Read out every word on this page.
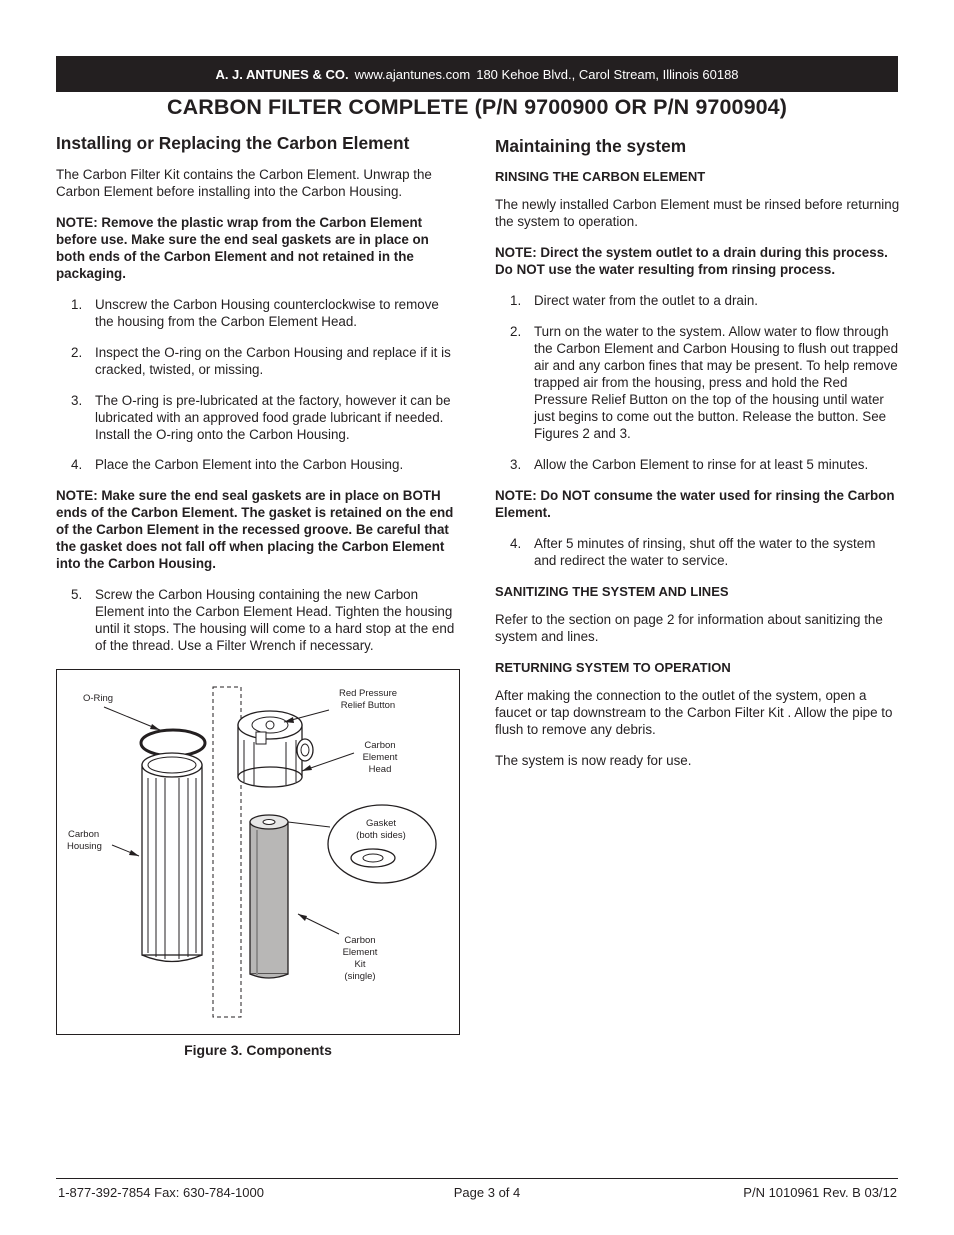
A. J. ANTUNES & CO. www.ajantunes.com 180 Kehoe Blvd., Carol Stream, Illinois 60188
CARBON FILTER COMPLETE (P/N 9700900 OR P/N 9700904)
Installing or Replacing the Carbon Element

The Carbon Filter Kit contains the Carbon Element. Unwrap the Carbon Element before installing into the Carbon Housing.

NOTE: Remove the plastic wrap from the Carbon Element before use. Make sure the end seal gaskets are in place on both ends of the Carbon Element and not retained in the packaging.

1. Unscrew the Carbon Housing counterclockwise to remove the housing from the Carbon Element Head.
2. Inspect the O-ring on the Carbon Housing and replace if it is cracked, twisted, or missing.
3. The O-ring is pre-lubricated at the factory, however it can be lubricated with an approved food grade lubricant if needed. Install the O-ring onto the Carbon Housing.
4. Place the Carbon Element into the Carbon Housing.

NOTE: Make sure the end seal gaskets are in place on BOTH ends of the Carbon Element. The gasket is retained on the end of the Carbon Element in the recessed groove. Be careful that the gasket does not fall off when placing the Carbon Element into the Carbon Housing.

5. Screw the Carbon Housing containing the new Carbon Element into the Carbon Element Head. Tighten the housing until it stops. The housing will come to a hard stop at the end of the thread. Use a Filter Wrench if necessary.
O-Ring
Carbon
Housing
Red Pressure
Relief Button
Carbon
Element
Head
Gasket
(both sides)
Carbon
Element
Kit
(single)
Figure 3. Components
Maintaining the system
RINSING THE CARBON ELEMENT

The newly installed Carbon Element must be rinsed before returning the system to operation.

NOTE: Direct the system outlet to a drain during this process. Do NOT use the water resulting from rinsing process.

1. Direct water from the outlet to a drain.
2. Turn on the water to the system. Allow water to flow through the Carbon Element and Carbon Housing to flush out trapped air and any carbon fines that may be present. To help remove trapped air from the housing, press and hold the Red Pressure Relief Button on the top of the housing until water just begins to come out the button. Release the button. See Figures 2 and 3.
3. Allow the Carbon Element to rinse for at least 5 minutes.

NOTE: Do NOT consume the water used for rinsing the Carbon Element.

4. After 5 minutes of rinsing, shut off the water to the system and redirect the water to service.
SANITIZING THE SYSTEM AND LINES

Refer to the section on page 2 for information about sanitizing the system and lines.

RETURNING SYSTEM TO OPERATION

After making the connection to the outlet of the system, open a faucet or tap downstream to the Carbon Filter Kit . Allow the pipe to flush to remove any debris.

The system is now ready for use.

1-877-392-7854 Fax: 630-784-1000	Page 3 of 4	P/N 1010961 Rev. B 03/12
